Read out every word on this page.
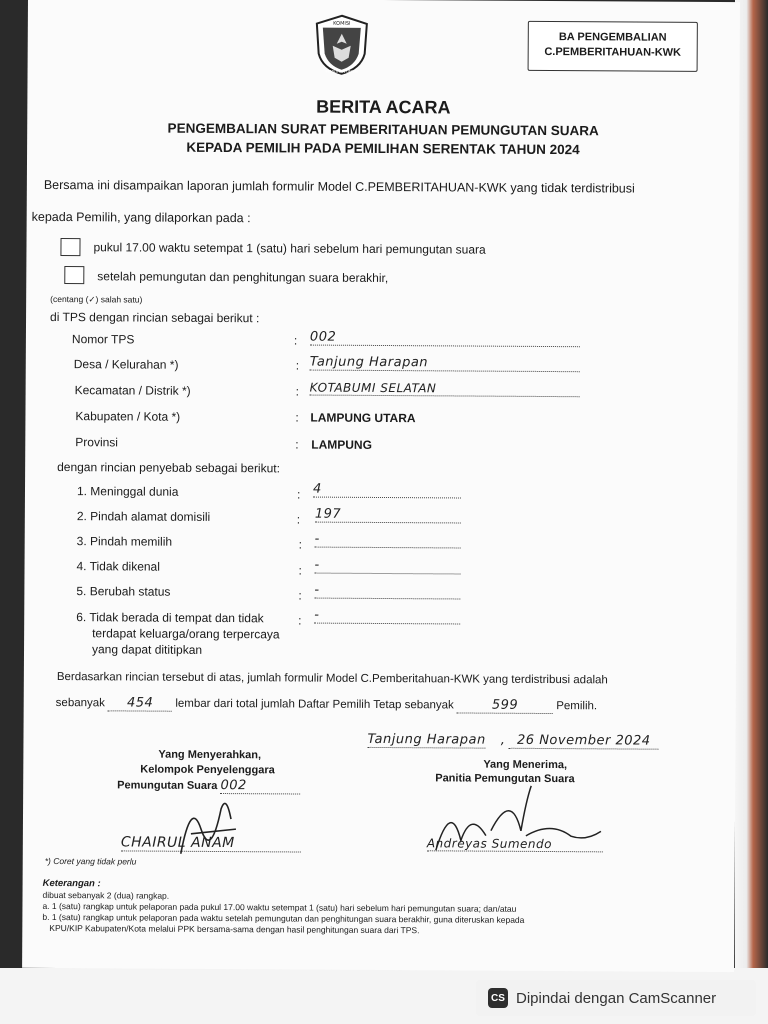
KOMISI
PEMILIHAN UMUM
BA PENGEMBALIAN
C.PEMBERITAHUAN-KWK
BERITA ACARA
PENGEMBALIAN SURAT PEMBERITAHUAN PEMUNGUTAN SUARA
KEPADA PEMILIH PADA PEMILIHAN SERENTAK TAHUN 2024
Bersama ini disampaikan laporan jumlah formulir Model C.PEMBERITAHUAN-KWK yang tidak terdistribusi
kepada Pemilih, yang dilaporkan pada :
pukul 17.00 waktu setempat 1 (satu) hari sebelum hari pemungutan suara
setelah pemungutan dan penghitungan suara berakhir,
(centang (✓) salah satu)
di TPS dengan rincian sebagai berikut :
Nomor TPS	: 002
Desa / Kelurahan *)	: Tanjung Harapan
Kecamatan / Distrik *)	: KOTABUMI SELATAN
Kabupaten / Kota *)	: LAMPUNG UTARA
Provinsi	: LAMPUNG
dengan rincian penyebab sebagai berikut:
1. Meninggal dunia	: 4
2. Pindah alamat domisili	: 197
3. Pindah memilih	: -
4. Tidak dikenal	: -
5. Berubah status	: -
6. Tidak berada di tempat dan tidak
terdapat keluarga/orang terpercaya
yang dapat dititipkan
: -
Berdasarkan rincian tersebut di atas, jumlah formulir Model C.Pemberitahuan-KWK yang terdistribusi adalah
sebanyak 454 lembar dari total jumlah Daftar Pemilih Tetap sebanyak	599	Pemilih.
Tanjung Harapan , 26 November 2024
Yang Menyerahkan,
Kelompok Penyelenggara
Pemungutan Suara 002
Yang Menerima,
Panitia Pemungutan Suara
CHAIRUL ANAM	Andreyas Sumendo
*) Coret yang tidak perlu
Keterangan :
dibuat sebanyak 2 (dua) rangkap.
a. 1 (satu) rangkap untuk pelaporan pada pukul 17.00 waktu setempat 1 (satu) hari sebelum hari pemungutan suara; dan/atau
b. 1 (satu) rangkap untuk pelaporan pada waktu setelah pemungutan dan penghitungan suara berakhir, guna diteruskan kepada
KPU/KIP Kabupaten/Kota melalui PPK bersama-sama dengan hasil penghitungan suara dari TPS.
CS Dipindai dengan CamScanner
